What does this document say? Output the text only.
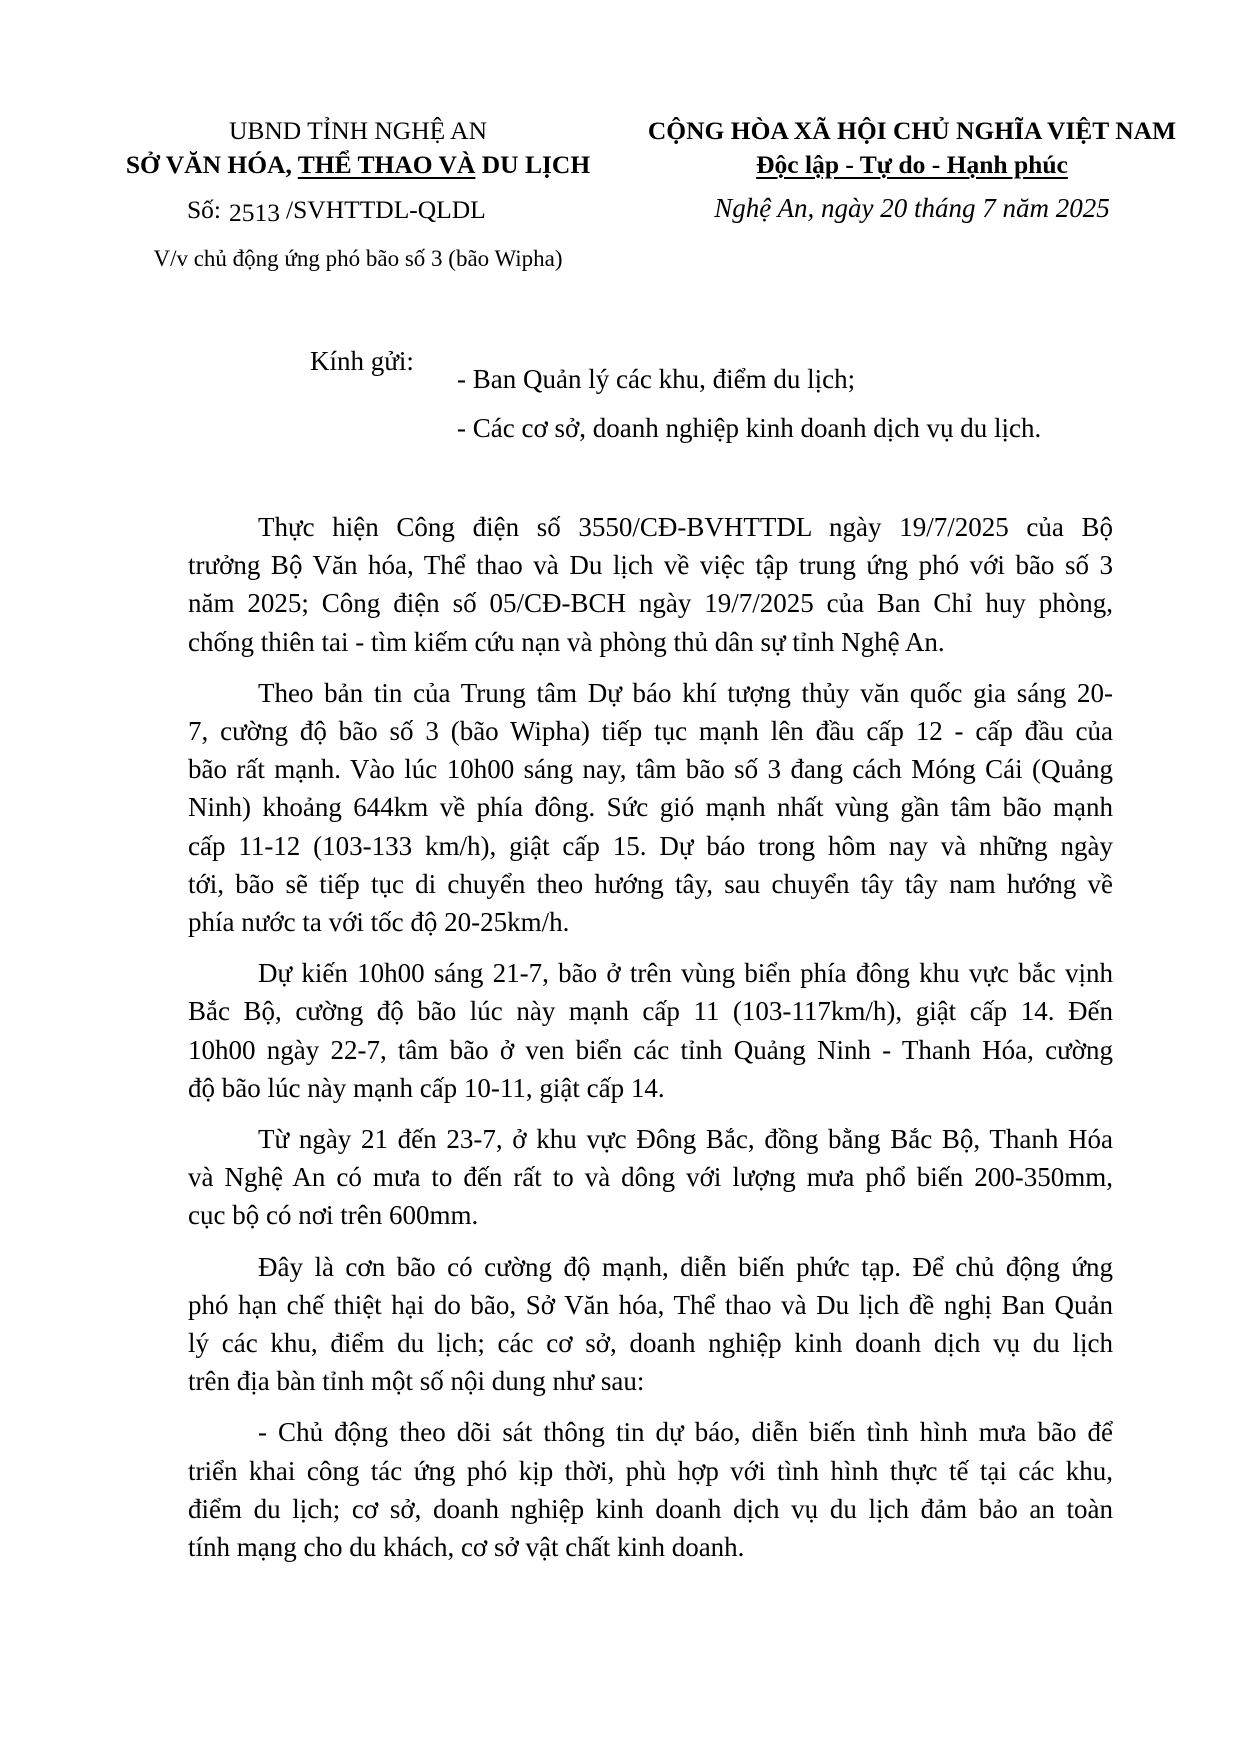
UBND TỈNH NGHỆ AN
SỞ VĂN HÓA, THỂ THAO VÀ DU LỊCH
CỘNG HÒA XÃ HỘI CHỦ NGHĨA VIỆT NAM
Độc lập - Tự do - Hạnh phúc
Số: 2513 /SVHTTDL-QLDL	Nghệ An, ngày 20 tháng 7 năm 2025
V/v chủ động ứng phó bão số 3 (bão Wipha)
Kính gửi:
- Ban Quản lý các khu, điểm du lịch;
- Các cơ sở, doanh nghiệp kinh doanh dịch vụ du lịch.

Thực hiện Công điện số 3550/CĐ-BVHTTDL ngày 19/7/2025 của Bộ
trưởng Bộ Văn hóa, Thể thao và Du lịch về việc tập trung ứng phó với bão số 3
năm 2025; Công điện số 05/CĐ-BCH ngày 19/7/2025 của Ban Chỉ huy phòng,
chống thiên tai - tìm kiếm cứu nạn và phòng thủ dân sự tỉnh Nghệ An.

Theo bản tin của Trung tâm Dự báo khí tượng thủy văn quốc gia sáng 20-
7, cường độ bão số 3 (bão Wipha) tiếp tục mạnh lên đầu cấp 12 - cấp đầu của
bão rất mạnh. Vào lúc 10h00 sáng nay, tâm bão số 3 đang cách Móng Cái (Quảng
Ninh) khoảng 644km về phía đông. Sức gió mạnh nhất vùng gần tâm bão mạnh
cấp 11-12 (103-133 km/h), giật cấp 15. Dự báo trong hôm nay và những ngày
tới, bão sẽ tiếp tục di chuyển theo hướng tây, sau chuyển tây tây nam hướng về
phía nước ta với tốc độ 20-25km/h.

Dự kiến 10h00 sáng 21-7, bão ở trên vùng biển phía đông khu vực bắc vịnh
Bắc Bộ, cường độ bão lúc này mạnh cấp 11 (103-117km/h), giật cấp 14. Đến
10h00 ngày 22-7, tâm bão ở ven biển các tỉnh Quảng Ninh - Thanh Hóa, cường
độ bão lúc này mạnh cấp 10-11, giật cấp 14.

Từ ngày 21 đến 23-7, ở khu vực Đông Bắc, đồng bằng Bắc Bộ, Thanh Hóa
và Nghệ An có mưa to đến rất to và dông với lượng mưa phổ biến 200-350mm,
cục bộ có nơi trên 600mm.

Đây là cơn bão có cường độ mạnh, diễn biến phức tạp. Để chủ động ứng
phó hạn chế thiệt hại do bão, Sở Văn hóa, Thể thao và Du lịch đề nghị Ban Quản
lý các khu, điểm du lịch; các cơ sở, doanh nghiệp kinh doanh dịch vụ du lịch
trên địa bàn tỉnh một số nội dung như sau:

- Chủ động theo dõi sát thông tin dự báo, diễn biến tình hình mưa bão để
triển khai công tác ứng phó kịp thời, phù hợp với tình hình thực tế tại các khu,
điểm du lịch; cơ sở, doanh nghiệp kinh doanh dịch vụ du lịch đảm bảo an toàn
tính mạng cho du khách, cơ sở vật chất kinh doanh.
